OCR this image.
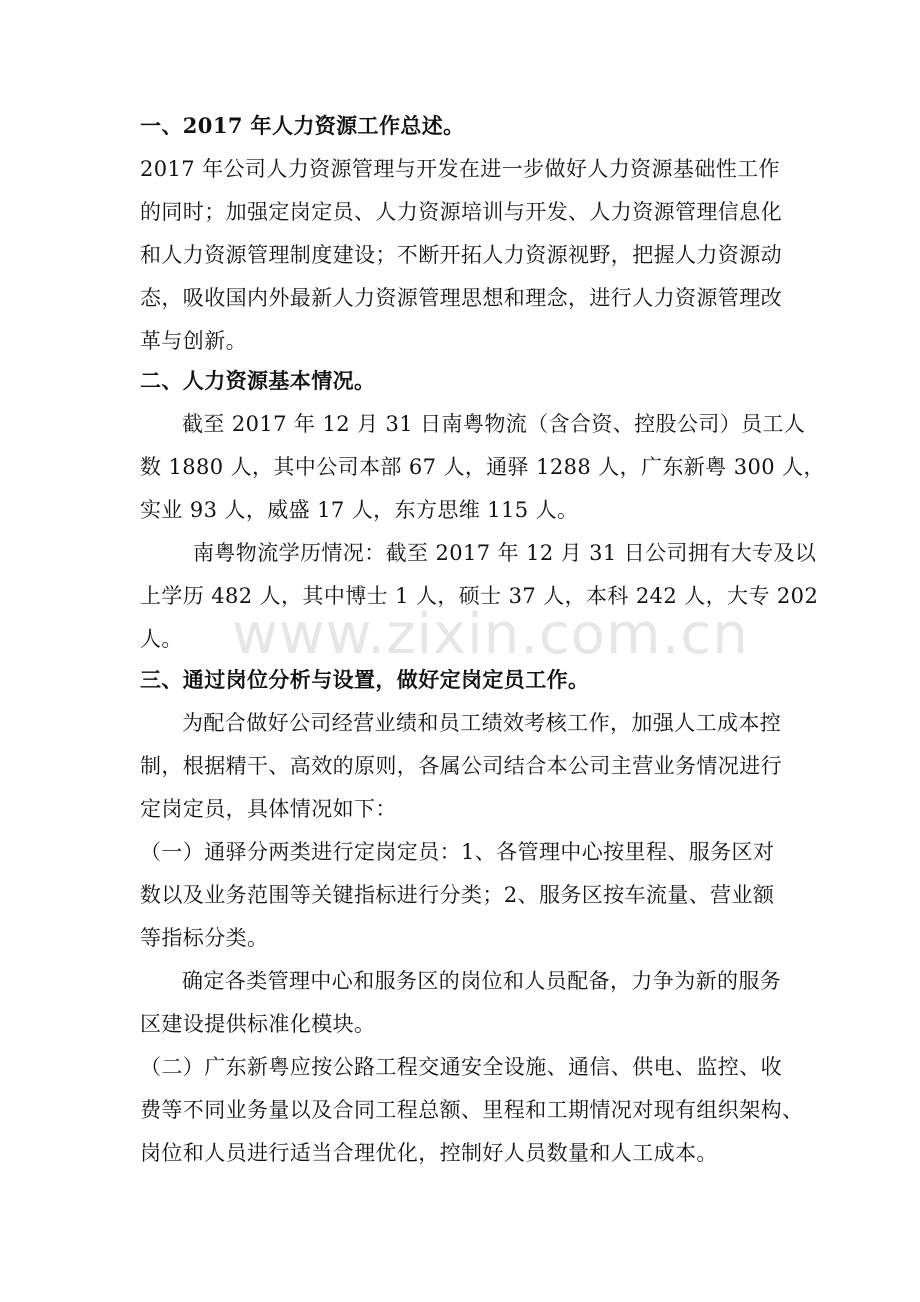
www.zixin.com.cn
一、2017 年人力资源工作总述。
2017 年公司人力资源管理与开发在进一步做好人力资源基础性工作
的同时；加强定岗定员、人力资源培训与开发、人力资源管理信息化
和人力资源管理制度建设；不断开拓人力资源视野，把握人力资源动
态，吸收国内外最新人力资源管理思想和理念，进行人力资源管理改
革与创新。
二、人力资源基本情况。
截至 2017 年 12 月 31 日南粤物流（含合资、控股公司）员工人
数 1880 人，其中公司本部 67 人，通驿 1288 人，广东新粤 300 人，
实业 93 人，威盛 17 人，东方思维 115 人。
南粤物流学历情况：截至 2017 年 12 月 31 日公司拥有大专及以
上学历 482 人，其中博士 1 人，硕士 37 人，本科 242 人，大专 202
人。
三、通过岗位分析与设置，做好定岗定员工作。
为配合做好公司经营业绩和员工绩效考核工作，加强人工成本控
制，根据精干、高效的原则，各属公司结合本公司主营业务情况进行
定岗定员，具体情况如下：
（一）通驿分两类进行定岗定员：1、各管理中心按里程、服务区对
数以及业务范围等关键指标进行分类；2、服务区按车流量、营业额
等指标分类。
确定各类管理中心和服务区的岗位和人员配备，力争为新的服务
区建设提供标准化模块。
（二）广东新粤应按公路工程交通安全设施、通信、供电、监控、收
费等不同业务量以及合同工程总额、里程和工期情况对现有组织架构、
岗位和人员进行适当合理优化，控制好人员数量和人工成本。
